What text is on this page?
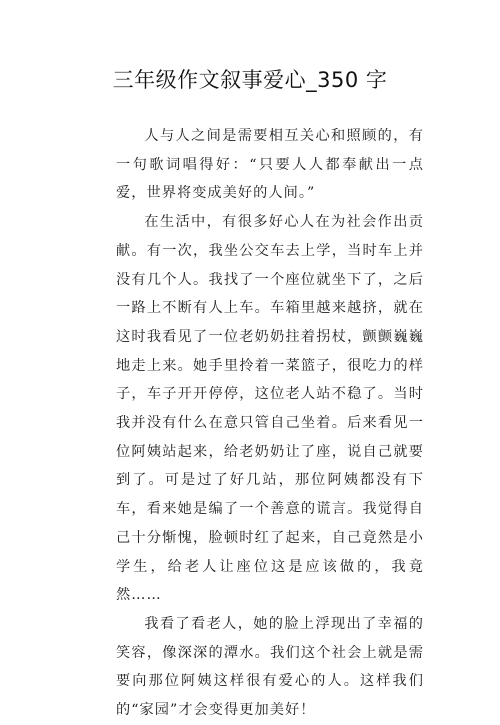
三年级作文叙事爱心_350 字

人与人之间是需要相互关心和照顾的，有一句歌词唱得好：“只要人人都奉献出一点爱，世界将变成美好的人间。”

在生活中，有很多好心人在为社会作出贡献。有一次，我坐公交车去上学，当时车上并没有几个人。我找了一个座位就坐下了，之后一路上不断有人上车。车箱里越来越挤，就在这时我看见了一位老奶奶拄着拐杖，颤颤巍巍地走上来。她手里拎着一菜篮子，很吃力的样子，车子开开停停，这位老人站不稳了。当时我并没有什么在意只管自己坐着。后来看见一位阿姨站起来，给老奶奶让了座，说自己就要到了。可是过了好几站，那位阿姨都没有下车，看来她是编了一个善意的谎言。我觉得自己十分惭愧，脸顿时红了起来，自己竟然是小学生，给老人让座位这是应该做的，我竟然……

我看了看老人，她的脸上浮现出了幸福的笑容，像深深的潭水。我们这个社会上就是需要向那位阿姨这样很有爱心的人。这样我们的“家园”才会变得更加美好！
